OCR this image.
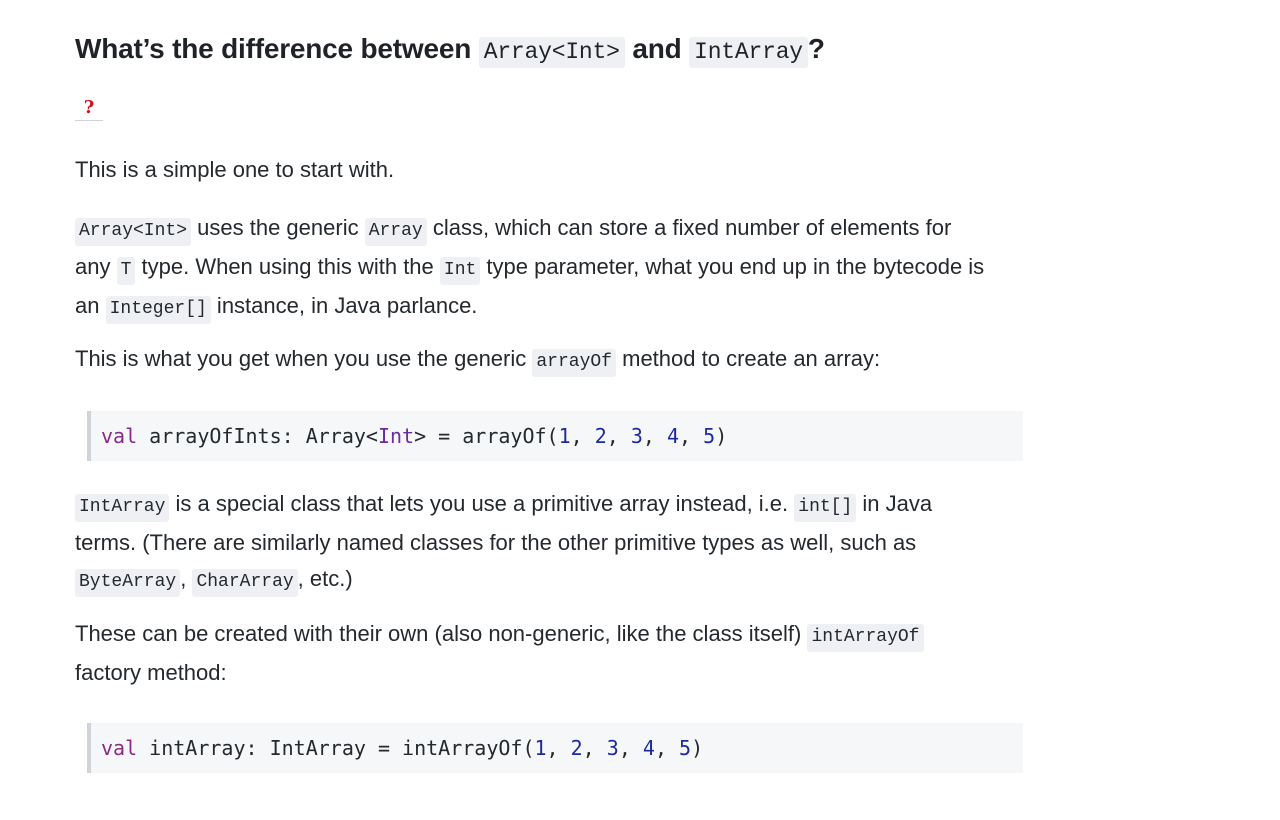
What’s the difference between Array<Int> and IntArray ?
?

This is a simple one to start with.

Array<Int> uses the generic Array class, which can store a fixed number of elements for
any T type. When using this with the Int type parameter, what you end up in the bytecode is
an Integer[] instance, in Java parlance.

This is what you get when you use the generic arrayOf method to create an array:

val arrayOfInts: Array<Int> = arrayOf(1, 2, 3, 4, 5)

IntArray is a special class that lets you use a primitive array instead, i.e. int[] in Java
terms. (There are similarly named classes for the other primitive types as well, such as
ByteArray , CharArray , etc.)

These can be created with their own (also non-generic, like the class itself) intArrayOf
factory method:

val intArray: IntArray = intArrayOf(1, 2, 3, 4, 5)
